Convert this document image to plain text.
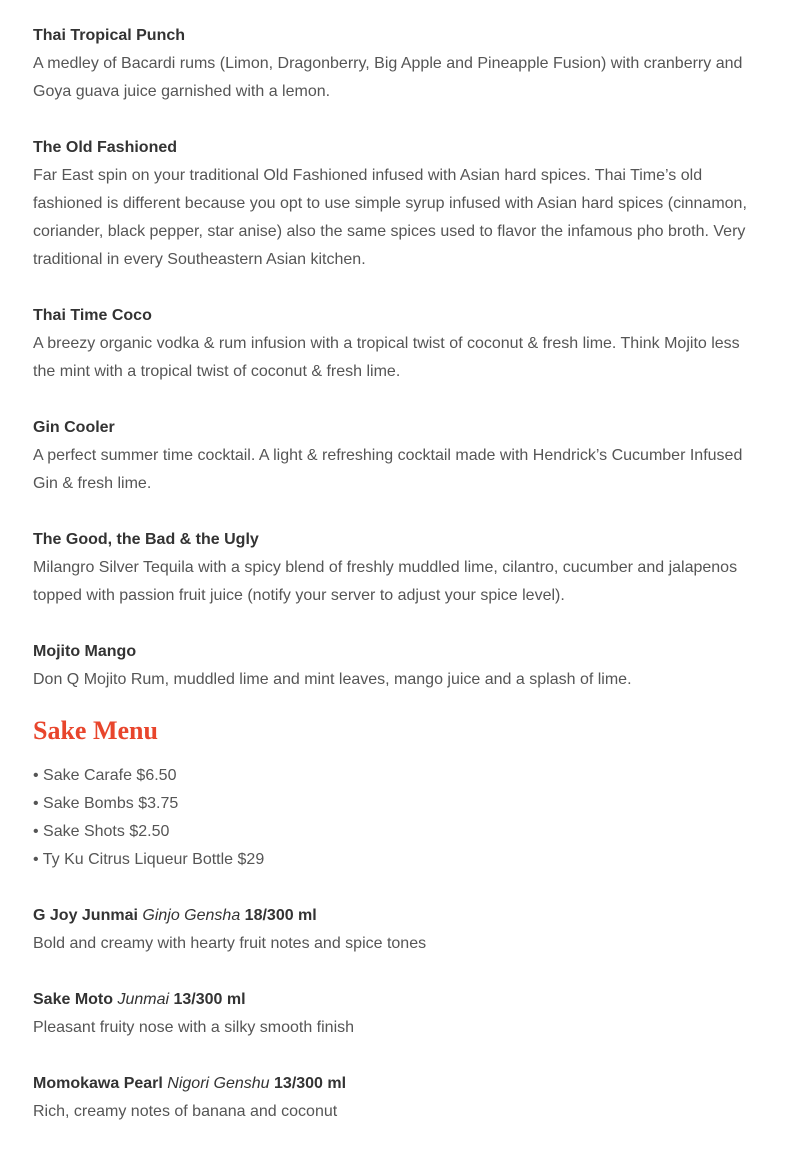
Thai Tropical Punch
A medley of Bacardi rums (Limon, Dragonberry, Big Apple and Pineapple Fusion) with cranberry and Goya guava juice garnished with a lemon.
The Old Fashioned
Far East spin on your traditional Old Fashioned infused with Asian hard spices. Thai Time’s old fashioned is different because you opt to use simple syrup infused with Asian hard spices (cinnamon, coriander, black pepper, star anise) also the same spices used to flavor the infamous pho broth. Very traditional in every Southeastern Asian kitchen.
Thai Time Coco
A breezy organic vodka & rum infusion with a tropical twist of coconut & fresh lime. Think Mojito less the mint with a tropical twist of coconut & fresh lime.
Gin Cooler
A perfect summer time cocktail. A light & refreshing cocktail made with Hendrick’s Cucumber Infused Gin & fresh lime.
The Good, the Bad & the Ugly
Milangro Silver Tequila with a spicy blend of freshly muddled lime, cilantro, cucumber and jalapenos topped with passion fruit juice (notify your server to adjust your spice level).
Mojito Mango
Don Q Mojito Rum, muddled lime and mint leaves, mango juice and a splash of lime.
Sake Menu
• Sake Carafe $6.50
• Sake Bombs $3.75
• Sake Shots $2.50
• Ty Ku Citrus Liqueur Bottle $29
G Joy Junmai Ginjo Gensha 18/300 ml
Bold and creamy with hearty fruit notes and spice tones
Sake Moto Junmai 13/300 ml
Pleasant fruity nose with a silky smooth finish
Momokawa Pearl Nigori Genshu 13/300 ml
Rich, creamy notes of banana and coconut
